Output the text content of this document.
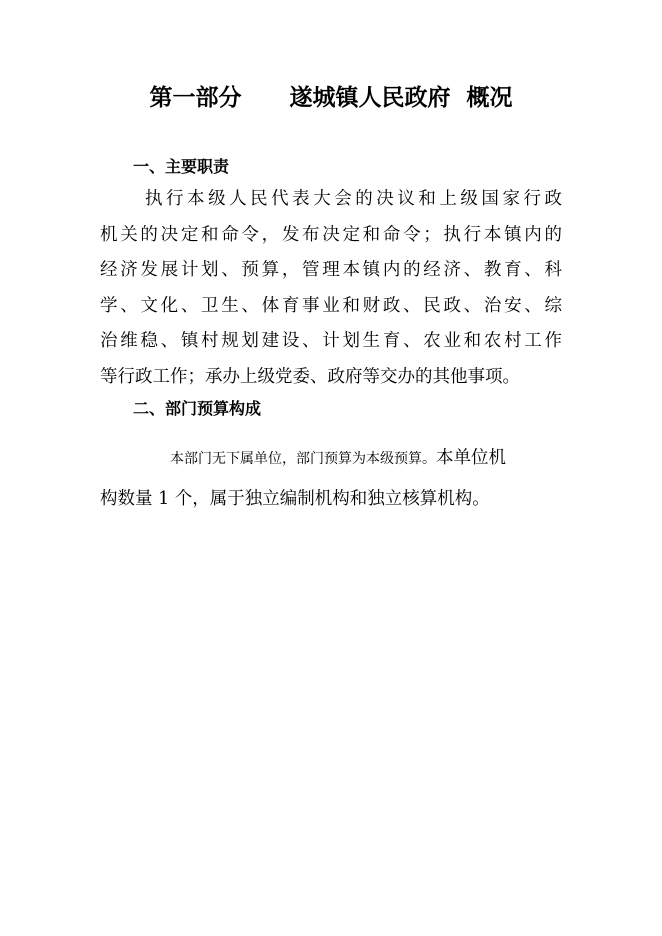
第一部分      遂城镇人民政府  概况
一、主要职责
执行本级人民代表大会的决议和上级国家行政
机关的决定和命令，发布决定和命令；执行本镇内的
经济发展计划、预算，管理本镇内的经济、教育、科
学、文化、卫生、体育事业和财政、民政、治安、综
治维稳、镇村规划建设、计划生育、农业和农村工作
等行政工作；承办上级党委、政府等交办的其他事项。
二、部门预算构成
本部门无下属单位，部门预算为本级预算。本单位机
构数量 1 个，属于独立编制机构和独立核算机构。
